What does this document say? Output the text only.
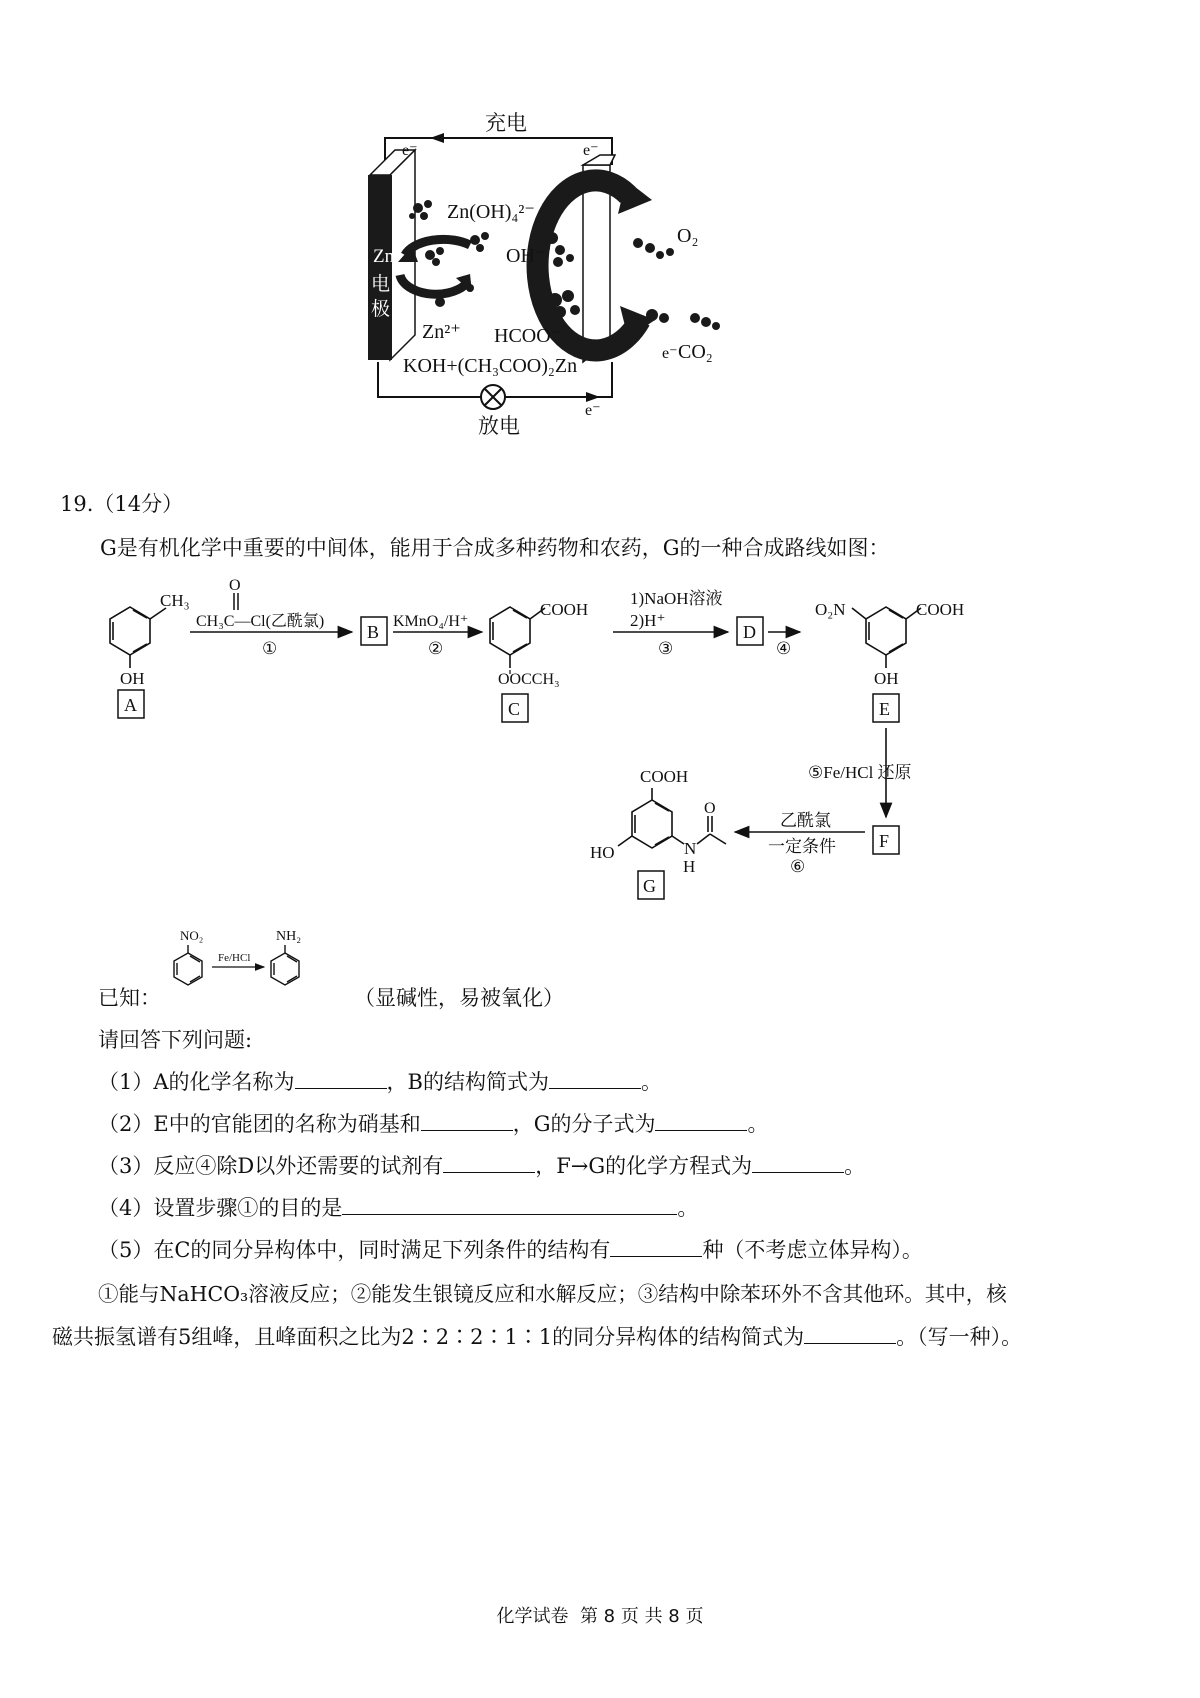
充电
放电
e⁻	e⁻
e⁻
e⁻
Zn
电
极
Zn(OH)₄²⁻
OH⁻
Zn²⁺ HCOO⁻
KOH+(CH₃COO)₂Zn
O₂
CO₂
19.（14分）
G是有机化学中重要的中间体，能用于合成多种药物和农药，G的一种合成路线如图：
CH₃
OH
A
O
CH₃C—Cl(乙酰氯)
①
B
KMnO₄/H⁺
②
COOH
OOCCH₃
C
1)NaOH溶液
2)H⁺
③
D
④
O₂N	COOH
OH
E
⑤Fe/HCl 还原
F
乙酰氯
一定条件
⑥
COOH
HO	N
H
O
G
已知：
NO₂
Fe/HCl
NH₂
（显碱性，易被氧化）
请回答下列问题:
（1）A的化学名称为	，B的结构简式为	。
（2）E中的官能团的名称为硝基和	，G的分子式为	。
（3）反应④除D以外还需要的试剂有	，F→G的化学方程式为	。
（4）设置步骤①的目的是	。
（5）在C的同分异构体中，同时满足下列条件的结构有	种（不考虑立体异构）。
①能与NaHCO₃溶液反应；②能发生银镜反应和水解反应；③结构中除苯环外不含其他环。其中，核
磁共振氢谱有5组峰，且峰面积之比为2∶2∶2∶1∶1的同分异构体的结构简式为	。（写一种）。
化学试卷  第 8 页 共 8 页
